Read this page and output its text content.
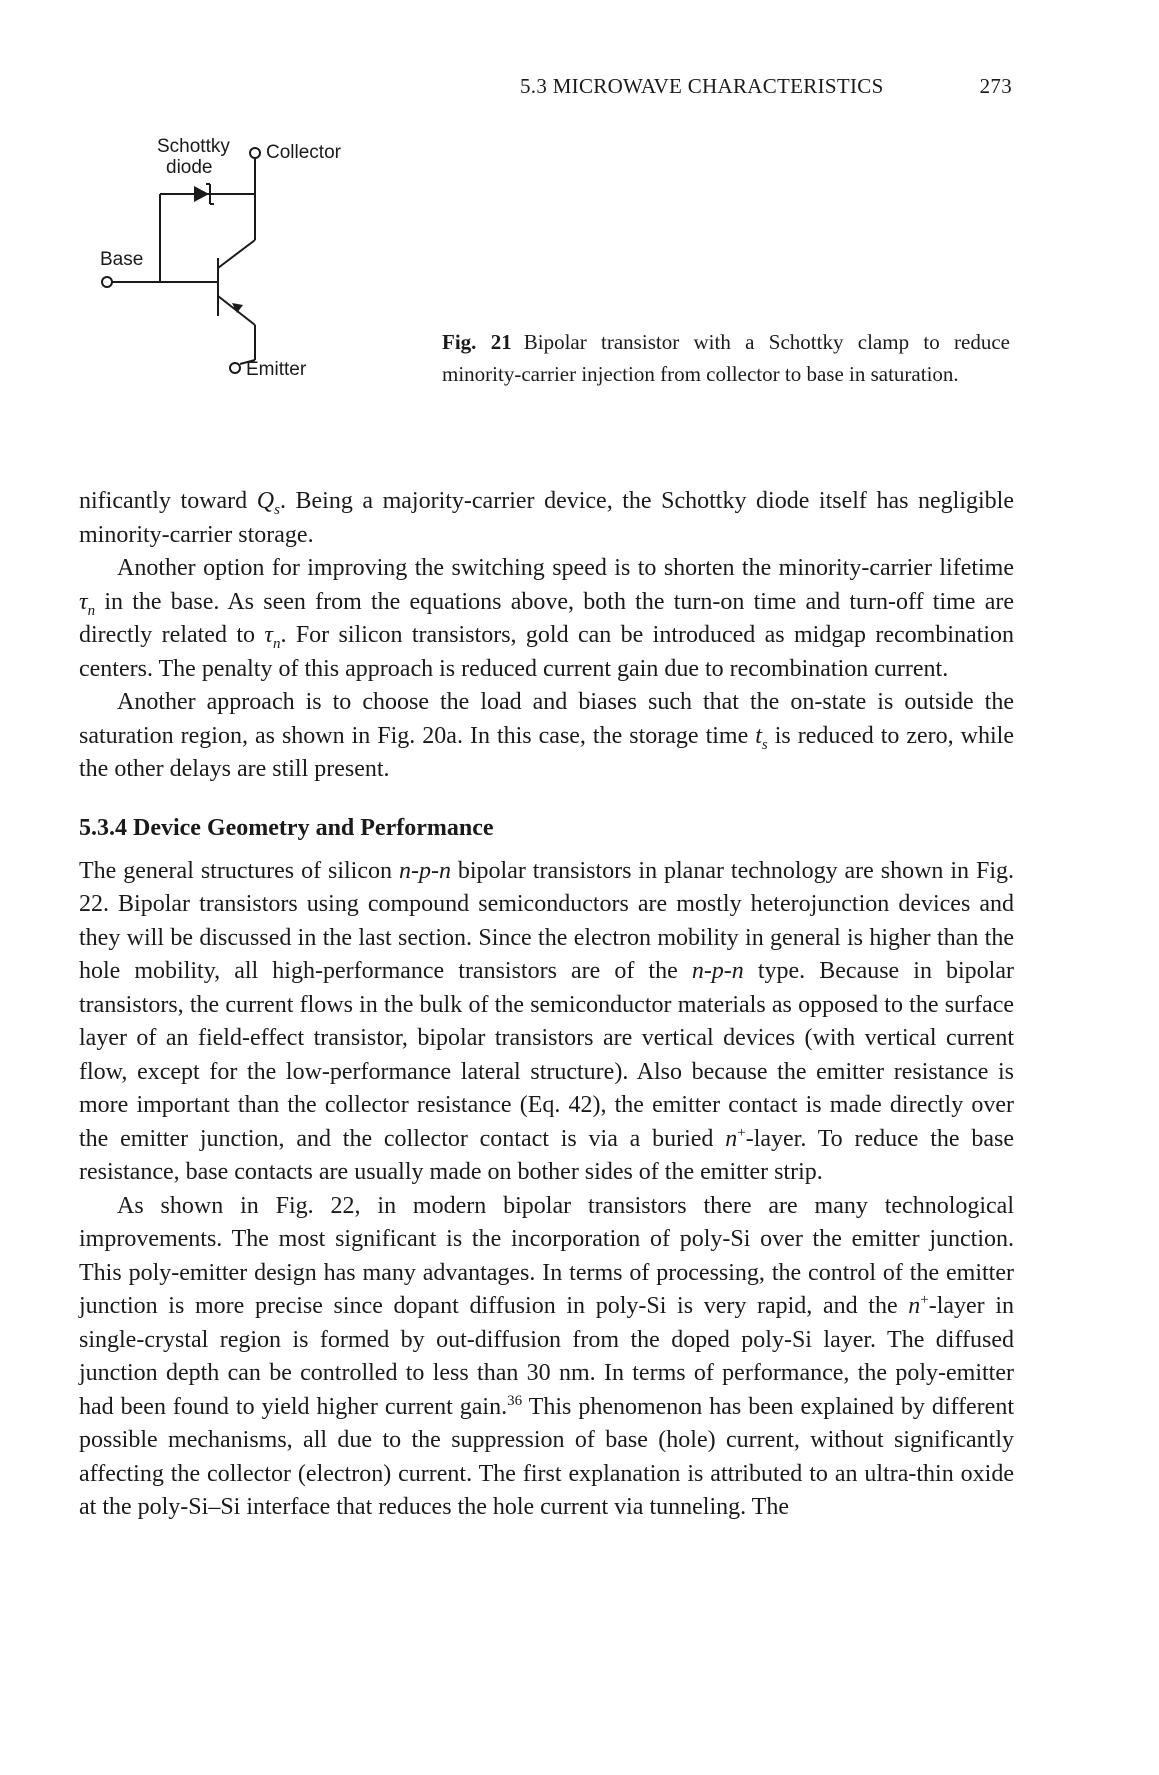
5.3 MICROWAVE CHARACTERISTICS	273
Schottky
diode
Collector
Base
Emitter
Fig. 21 Bipolar transistor with a Schottky clamp to reduce minority-carrier injection from collector to base in saturation.

nificantly toward $Q_s$. Being a majority-carrier device, the Schottky diode itself has negligible minority-carrier storage.

Another option for improving the switching speed is to shorten the minority-carrier lifetime $\tau_n$ in the base. As seen from the equations above, both the turn-on time and turn-off time are directly related to $\tau_n$. For silicon transistors, gold can be introduced as midgap recombination centers. The penalty of this approach is reduced current gain due to recombination current.

Another approach is to choose the load and biases such that the on-state is outside the saturation region, as shown in Fig. 20a. In this case, the storage time $t_s$ is reduced to zero, while the other delays are still present.

5.3.4 Device Geometry and Performance

The general structures of silicon n-p-n bipolar transistors in planar technology are shown in Fig. 22. Bipolar transistors using compound semiconductors are mostly heterojunction devices and they will be discussed in the last section. Since the electron mobility in general is higher than the hole mobility, all high-performance transistors are of the n-p-n type. Because in bipolar transistors, the current flows in the bulk of the semiconductor materials as opposed to the surface layer of an field-effect transistor, bipolar transistors are vertical devices (with vertical current flow, except for the low-performance lateral structure). Also because the emitter resistance is more important than the collector resistance (Eq. 42), the emitter contact is made directly over the emitter junction, and the collector contact is via a buried n+-layer. To reduce the base resistance, base contacts are usually made on bother sides of the emitter strip.

As shown in Fig. 22, in modern bipolar transistors there are many technological improvements. The most significant is the incorporation of poly-Si over the emitter junction. This poly-emitter design has many advantages. In terms of processing, the control of the emitter junction is more precise since dopant diffusion in poly-Si is very rapid, and the n+-layer in single-crystal region is formed by out-diffusion from the doped poly-Si layer. The diffused junction depth can be controlled to less than 30 nm. In terms of performance, the poly-emitter had been found to yield higher current gain.$^{36}$ This phenomenon has been explained by different possible mechanisms, all due to the suppression of base (hole) current, without significantly affecting the collector (electron) current. The first explanation is attributed to an ultra-thin oxide at the poly-Si–Si interface that reduces the hole current via tunneling. The
